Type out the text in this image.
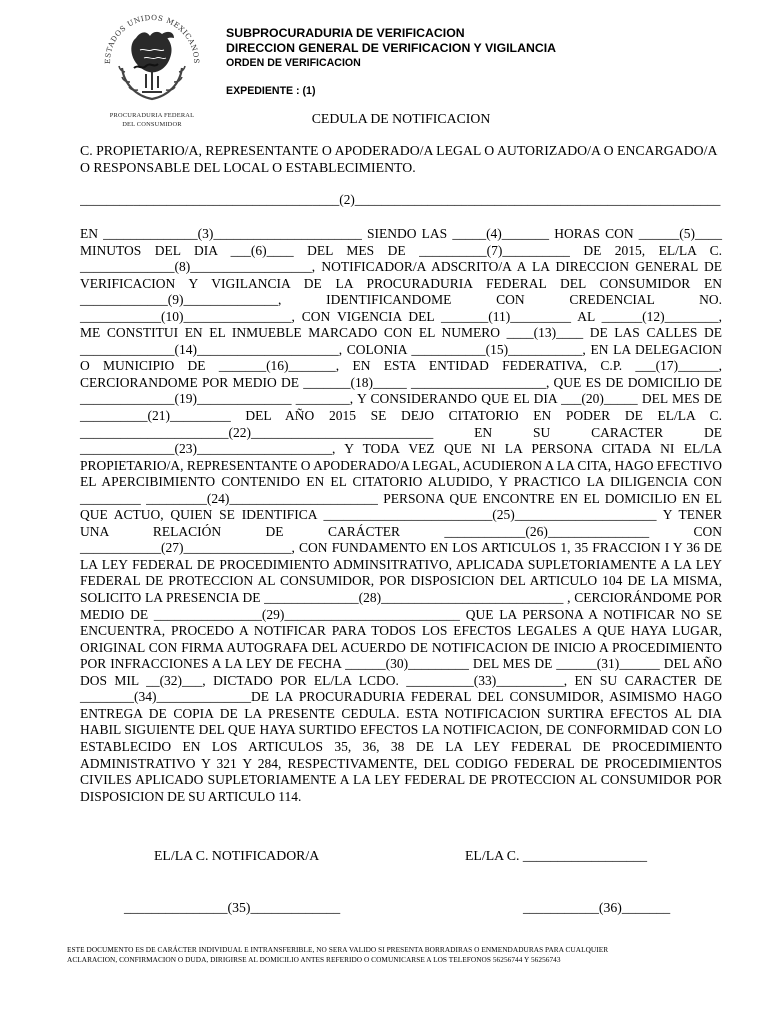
ESTADOS UNIDOS MEXICANOS
PROCURADURIA FEDERAL
DEL CONSUMIDOR
SUBPROCURADURIA DE VERIFICACION
DIRECCION GENERAL DE VERIFICACION Y VIGILANCIA
ORDEN DE VERIFICACION
EXPEDIENTE : (1)
CEDULA DE NOTIFICACION
C. PROPIETARIO/A, REPRESENTANTE O APODERADO/A LEGAL O AUTORIZADO/A O ENCARGADO/A O RESPONSABLE DEL LOCAL O ESTABLECIMIENTO.
_______________________________________(2)_______________________________________________________
EN ______________(3)______________________ SIENDO LAS _____(4)_______ HORAS CON ______(5)____ MINUTOS DEL DIA ___(6)____ DEL MES DE __________(7)__________ DE 2015, EL/LA C. ______________(8)__________________, NOTIFICADOR/A ADSCRITO/A A LA DIRECCION GENERAL DE VERIFICACION Y VIGILANCIA DE LA PROCURADURIA FEDERAL DEL CONSUMIDOR EN _____________(9)______________, IDENTIFICANDOME CON CREDENCIAL NO. ____________(10)________________, CON VIGENCIA DEL _______(11)_________ AL ______(12)________, ME CONSTITUI EN EL INMUEBLE MARCADO CON EL NUMERO ____(13)____ DE LAS CALLES DE ______________(14)_____________________, COLONIA ___________(15)___________, EN LA DELEGACION O MUNICIPIO DE _______(16)_______, EN ESTA ENTIDAD FEDERATIVA, C.P. ___(17)______, CERCIORANDOME POR MEDIO DE _______(18)_____ ____________________, QUE ES DE DOMICILIO DE ______________(19)______________ ________, Y CONSIDERANDO QUE EL DIA ___(20)_____ DEL MES DE __________(21)_________ DEL AÑO 2015 SE DEJO CITATORIO EN PODER DE EL/LA C. ______________________(22)___________________________ EN SU CARACTER DE ______________(23)____________________, Y TODA VEZ QUE NI LA PERSONA CITADA NI EL/LA PROPIETARIO/A, REPRESENTANTE O APODERADO/A LEGAL, ACUDIERON A LA CITA, HAGO EFECTIVO EL APERCIBIMIENTO CONTENIDO EN EL CITATORIO ALUDIDO, Y PRACTICO LA DILIGENCIA CON _________ _________(24)______________________ PERSONA QUE ENCONTRE EN EL DOMICILIO EN EL QUE ACTUO, QUIEN SE IDENTIFICA _________________________(25)_____________________ Y TENER UNA RELACIÓN DE CARÁCTER ____________(26)_______________ CON ____________(27)________________, CON FUNDAMENTO EN LOS ARTICULOS 1, 35 FRACCION I Y 36 DE LA LEY FEDERAL DE PROCEDIMIENTO ADMINSITRATIVO, APLICADA SUPLETORIAMENTE A LA LEY FEDERAL DE PROTECCION AL CONSUMIDOR, POR DISPOSICION DEL ARTICULO 104 DE LA MISMA, SOLICITO LA PRESENCIA DE ______________(28)___________________________ , CERCIORÁNDOME POR MEDIO DE ________________(29)__________________________ QUE LA PERSONA A NOTIFICAR NO SE ENCUENTRA, PROCEDO A NOTIFICAR PARA TODOS LOS EFECTOS LEGALES A QUE HAYA LUGAR, ORIGINAL CON FIRMA AUTOGRAFA DEL ACUERDO DE NOTIFICACION DE INICIO A PROCEDIMIENTO POR INFRACCIONES A LA LEY DE FECHA ______(30)_________ DEL MES DE ______(31)______ DEL AÑO DOS MIL __(32)___, DICTADO POR EL/LA LCDO. __________(33)__________, EN SU CARACTER DE ________(34)______________DE LA PROCURADURIA FEDERAL DEL CONSUMIDOR, ASIMISMO HAGO ENTREGA DE COPIA DE LA PRESENTE CEDULA. ESTA NOTIFICACION SURTIRA EFECTOS AL DIA HABIL SIGUIENTE DEL QUE HAYA SURTIDO EFECTOS LA NOTIFICACION, DE CONFORMIDAD CON LO ESTABLECIDO EN LOS ARTICULOS 35, 36, 38 DE LA LEY FEDERAL DE PROCEDIMIENTO ADMINISTRATIVO Y 321 Y 284, RESPECTIVAMENTE, DEL CODIGO FEDERAL DE PROCEDIMIENTOS CIVILES APLICADO SUPLETORIAMENTE A LA LEY FEDERAL DE PROTECCION AL CONSUMIDOR POR DISPOSICION DE SU ARTICULO 114.
EL/LA C. NOTIFICADOR/A	EL/LA C. __________________
_______________(35)_____________	___________(36)_______
ESTE DOCUMENTO ES DE CARÁCTER INDIVIDUAL E INTRANSFERIBLE, NO SERA VALIDO SI PRESENTA BORRADIRAS O ENMENDADURAS PARA CUALQUIER
ACLARACION, CONFIRMACION O DUDA, DIRIGIRSE AL DOMICILIO ANTES REFERIDO O COMUNICARSE A LOS TELEFONOS 56256744 Y 56256743
